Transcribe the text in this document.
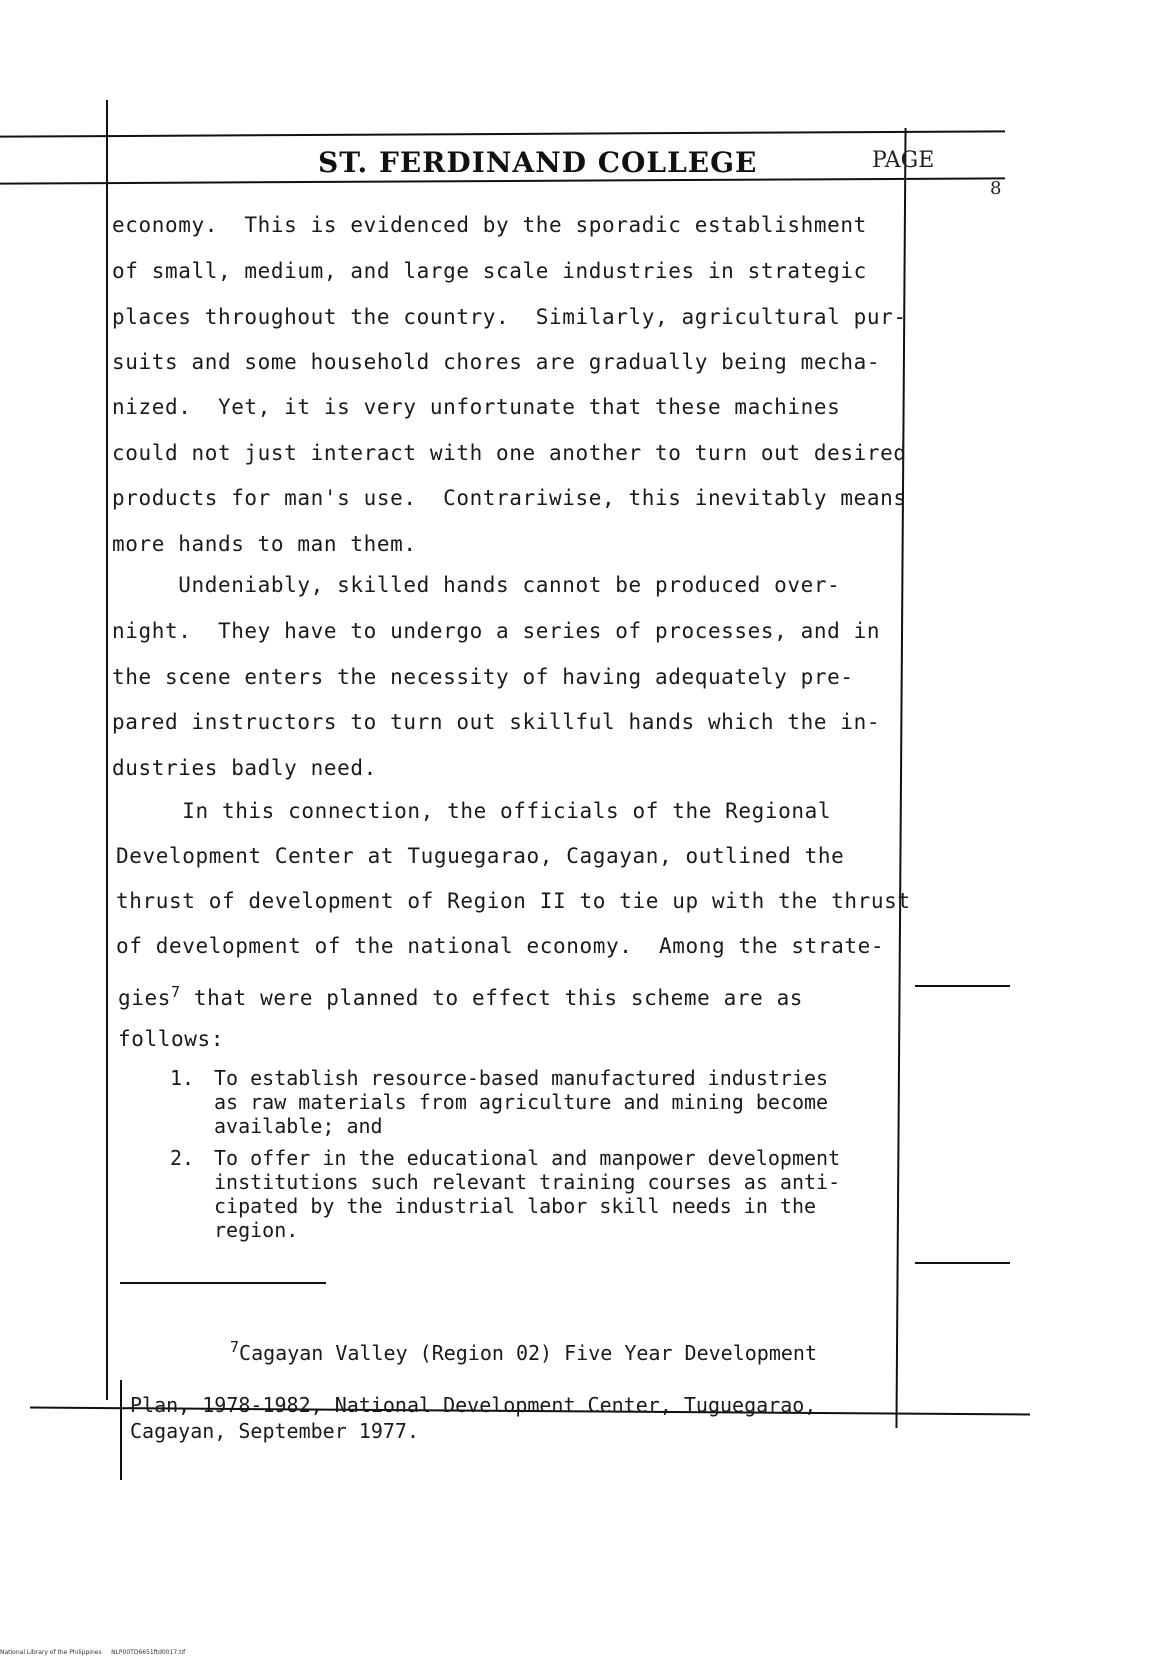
ST. FERDINAND COLLEGE	PAGE
8
economy.  This is evidenced by the sporadic establishment
of small, medium, and large scale industries in strategic
places throughout the country.  Similarly, agricultural pur-
suits and some household chores are gradually being mecha-
nized.  Yet, it is very unfortunate that these machines
could not just interact with one another to turn out desired
products for man's use.  Contrariwise, this inevitably means
more hands to man them.
Undeniably, skilled hands cannot be produced over-
night.  They have to undergo a series of processes, and in
the scene enters the necessity of having adequately pre-
pared instructors to turn out skillful hands which the in-
dustries badly need.
In this connection, the officials of the Regional
Development Center at Tuguegarao, Cagayan, outlined the
thrust of development of Region II to tie up with the thrust
of development of the national economy.  Among the strate-
gies$^7$ that were planned to effect this scheme are as
follows:
1. To establish resource-based manufactured industries
as raw materials from agriculture and mining become
available; and
2. To offer in the educational and manpower development
institutions such relevant training courses as anti-
cipated by the industrial labor skill needs in the
region.

$^7$Cagayan Valley (Region 02) Five Year Development

Plan, 1978-1982, National Development Center, Tuguegarao,
Cagayan, September 1977.

National Library of the Philippines     NLP00TD6651ftd0017.tif
